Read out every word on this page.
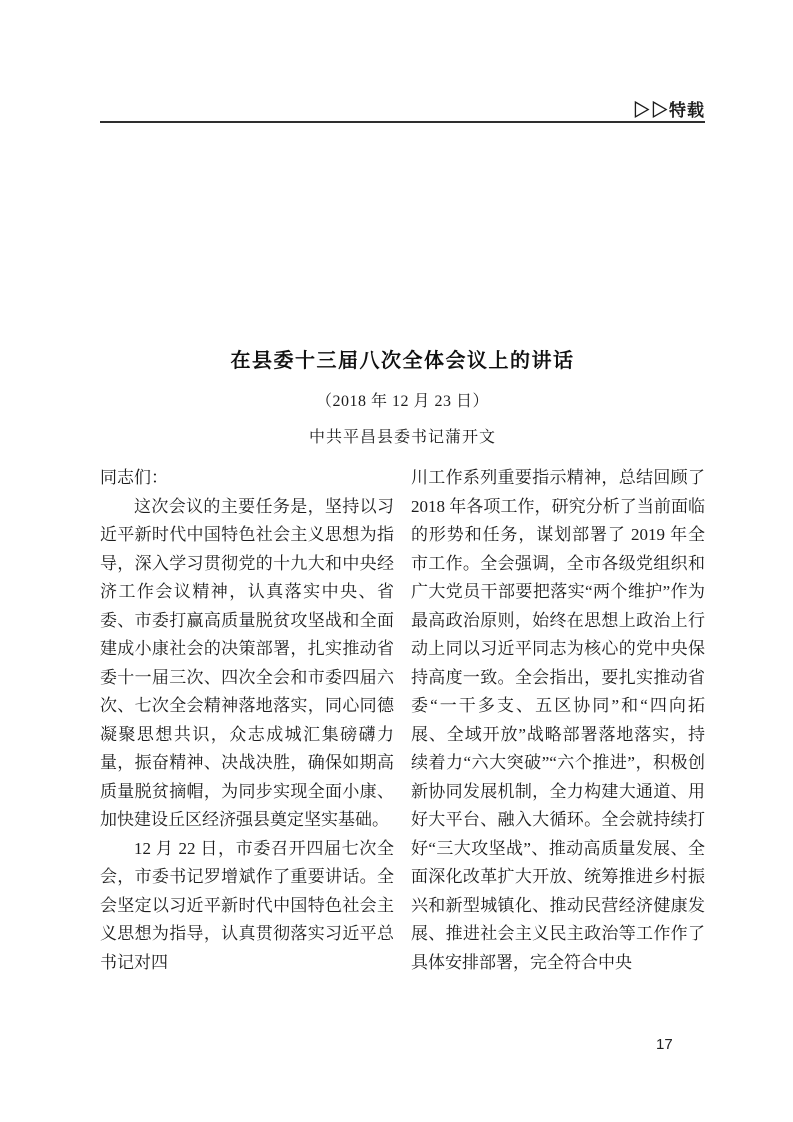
▷▷特载
在县委十三届八次全体会议上的讲话
（2018 年 12 月 23 日）
中共平昌县委书记蒲开文

同志们：

这次会议的主要任务是，坚持以习近平新时代中国特色社会主义思想为指导，深入学习贯彻党的十九大和中央经济工作会议精神，认真落实中央、省委、市委打赢高质量脱贫攻坚战和全面建成小康社会的决策部署，扎实推动省委十一届三次、四次全会和市委四届六次、七次全会精神落地落实，同心同德凝聚思想共识，众志成城汇集磅礴力量，振奋精神、决战决胜，确保如期高质量脱贫摘帽，为同步实现全面小康、加快建设丘区经济强县奠定坚实基础。

12 月 22 日，市委召开四届七次全会，市委书记罗增斌作了重要讲话。全会坚定以习近平新时代中国特色社会主义思想为指导，认真贯彻落实习近平总书记对四

川工作系列重要指示精神，总结回顾了 2018 年各项工作，研究分析了当前面临的形势和任务，谋划部署了 2019 年全市工作。全会强调，全市各级党组织和广大党员干部要把落实“两个维护”作为最高政治原则，始终在思想上政治上行动上同以习近平同志为核心的党中央保持高度一致。全会指出，要扎实推动省委“一干多支、五区协同”和“四向拓展、全域开放”战略部署落地落实，持续着力“六大突破”“六个推进”，积极创新协同发展机制，全力构建大通道、用好大平台、融入大循环。全会就持续打好“三大攻坚战”、推动高质量发展、全面深化改革扩大开放、统筹推进乡村振兴和新型城镇化、推动民营经济健康发展、推进社会主义民主政治等工作作了具体安排部署，完全符合中央

17
